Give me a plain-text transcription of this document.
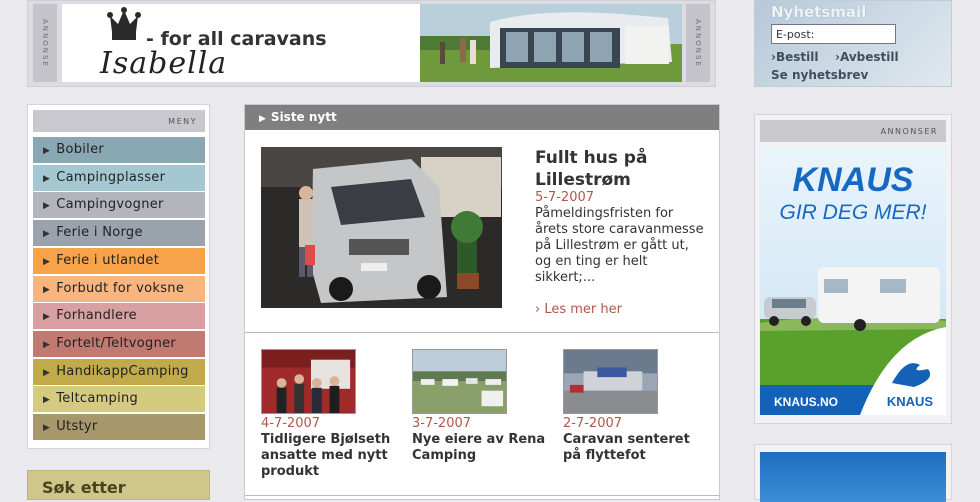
ANNONSE	- for all caravans
Isabella	ANNONSE
Nyhetsmail
E-post:
›Bestill ›Avbestill
Se nyhetsbrev
MENY
▶ Bobiler
▶ Campingplasser
▶ Campingvogner
▶ Ferie i Norge
▶ Ferie i utlandet
▶ Forbudt for voksne
▶ Forhandlere
▶ Fortelt/Teltvogner
▶ HandikappCamping
▶ Teltcamping
▶ Utstyr
Søk etter
▶ Siste nytt
Fullt hus på Lillestrøm
5-7-2007
Påmeldingsfristen for årets store caravanmesse på Lillestrøm er gått ut, og en ting er helt sikkert;...
› Les mer her
4-7-2007
Tidligere Bjølseth ansatte med nytt produkt
3-7-2007
Nye eiere av Rena Camping
2-7-2007
Caravan senteret på flyttefot
ANNONSER
KNAUS
GIR DEG MER!
KNAUS.NO	KNAUS
